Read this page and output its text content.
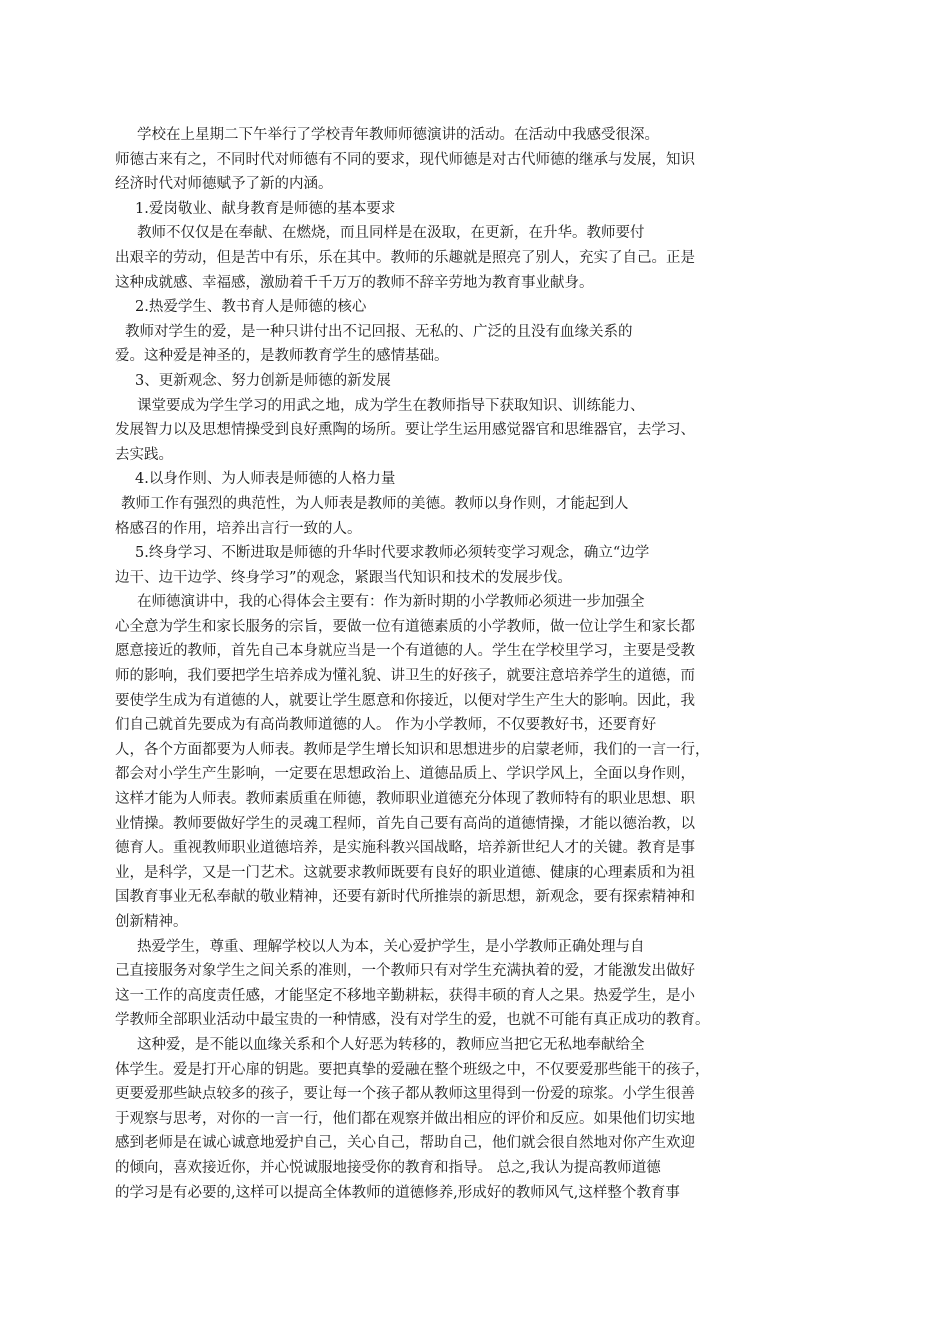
学校在上星期二下午举行了学校青年教师师德演讲的活动。在活动中我感受很深。
师德古来有之，不同时代对师德有不同的要求，现代师德是对古代师德的继承与发展，知识
经济时代对师德赋予了新的内涵。
1.爱岗敬业、献身教育是师德的基本要求
教师不仅仅是在奉献、在燃烧，而且同样是在汲取，在更新，在升华。教师要付
出艰辛的劳动，但是苦中有乐，乐在其中。教师的乐趣就是照亮了别人，充实了自己。正是
这种成就感、幸福感，激励着千千万万的教师不辞辛劳地为教育事业献身。
2.热爱学生、教书育人是师德的核心
教师对学生的爱，是一种只讲付出不记回报、无私的、广泛的且没有血缘关系的
爱。这种爱是神圣的，是教师教育学生的感情基础。
3、更新观念、努力创新是师德的新发展
课堂要成为学生学习的用武之地，成为学生在教师指导下获取知识、训练能力、
发展智力以及思想情操受到良好熏陶的场所。要让学生运用感觉器官和思维器官，去学习、
去实践。
4.以身作则、为人师表是师德的人格力量
教师工作有强烈的典范性，为人师表是教师的美德。教师以身作则，才能起到人
格感召的作用，培养出言行一致的人。
5.终身学习、不断进取是师德的升华时代要求教师必须转变学习观念，确立“边学
边干、边干边学、终身学习”的观念，紧跟当代知识和技术的发展步伐。
在师德演讲中，我的心得体会主要有：作为新时期的小学教师必须进一步加强全
心全意为学生和家长服务的宗旨，要做一位有道德素质的小学教师，做一位让学生和家长都
愿意接近的教师，首先自己本身就应当是一个有道德的人。学生在学校里学习，主要是受教
师的影响，我们要把学生培养成为懂礼貌、讲卫生的好孩子，就要注意培养学生的道德，而
要使学生成为有道德的人，就要让学生愿意和你接近，以便对学生产生大的影响。因此，我
们自己就首先要成为有高尚教师道德的人。 作为小学教师，不仅要教好书，还要育好
人，各个方面都要为人师表。教师是学生增长知识和思想进步的启蒙老师，我们的一言一行，
都会对小学生产生影响，一定要在思想政治上、道德品质上、学识学风上，全面以身作则，
这样才能为人师表。教师素质重在师德，教师职业道德充分体现了教师特有的职业思想、职
业情操。教师要做好学生的灵魂工程师，首先自己要有高尚的道德情操，才能以德治教，以
德育人。重视教师职业道德培养，是实施科教兴国战略，培养新世纪人才的关键。教育是事
业，是科学，又是一门艺术。这就要求教师既要有良好的职业道德、健康的心理素质和为祖
国教育事业无私奉献的敬业精神，还要有新时代所推崇的新思想，新观念，要有探索精神和
创新精神。
热爱学生，尊重、理解学校以人为本，关心爱护学生，是小学教师正确处理与自
己直接服务对象学生之间关系的准则，一个教师只有对学生充满执着的爱，才能激发出做好
这一工作的高度责任感，才能坚定不移地辛勤耕耘，获得丰硕的育人之果。热爱学生，是小
学教师全部职业活动中最宝贵的一种情感，没有对学生的爱，也就不可能有真正成功的教育。
这种爱，是不能以血缘关系和个人好恶为转移的，教师应当把它无私地奉献给全
体学生。爱是打开心扉的钥匙。要把真挚的爱融在整个班级之中，不仅要爱那些能干的孩子，
更要爱那些缺点较多的孩子，要让每一个孩子都从教师这里得到一份爱的琼浆。小学生很善
于观察与思考，对你的一言一行，他们都在观察并做出相应的评价和反应。如果他们切实地
感到老师是在诚心诚意地爱护自己，关心自己，帮助自己，他们就会很自然地对你产生欢迎
的倾向，喜欢接近你，并心悦诚服地接受你的教育和指导。 总之,我认为提高教师道德
的学习是有必要的,这样可以提高全体教师的道德修养,形成好的教师风气,这样整个教育事
